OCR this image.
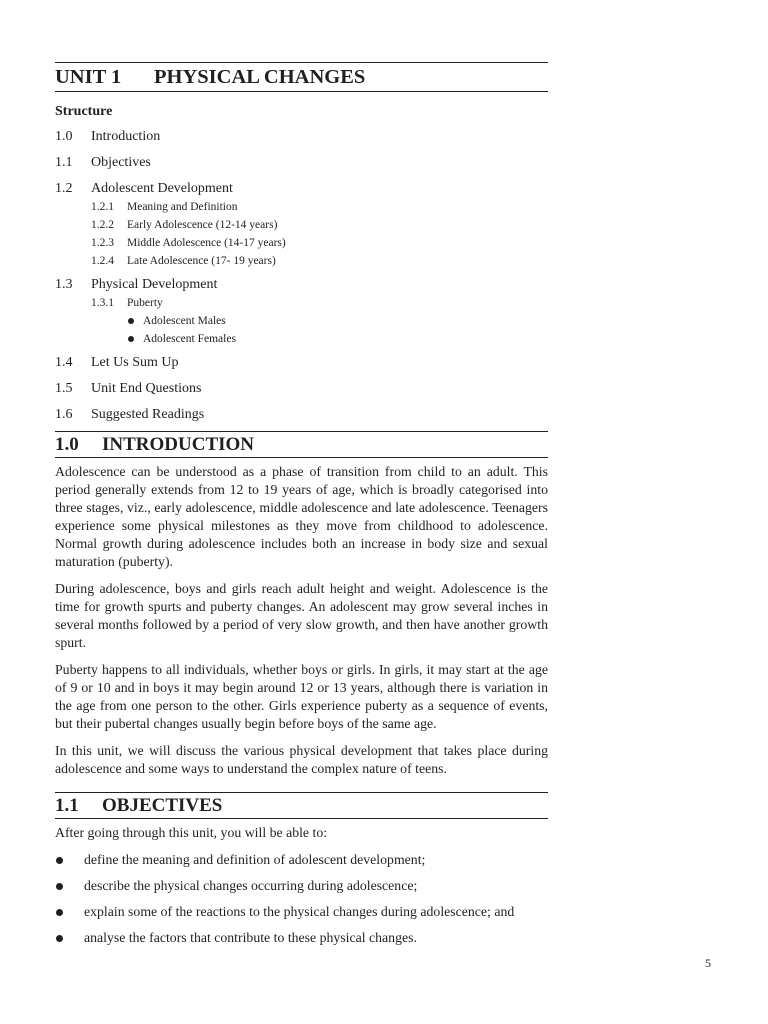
UNIT 1	PHYSICAL CHANGES
Structure
1.0	Introduction
1.1	Objectives
1.2	Adolescent Development
1.2.1	Meaning and Definition
1.2.2	Early Adolescence (12-14 years)
1.2.3	Middle Adolescence (14-17 years)
1.2.4	Late Adolescence (17- 19 years)
1.3	Physical Development
1.3.1	Puberty
Adolescent Males
Adolescent Females
1.4	Let Us Sum Up
1.5	Unit End Questions
1.6	Suggested Readings
1.0	INTRODUCTION

Adolescence can be understood as a phase of transition from child to an adult. This period generally extends from 12 to 19 years of age, which is broadly categorised into three stages, viz., early adolescence, middle adolescence and late adolescence. Teenagers experience some physical milestones as they move from childhood to adolescence. Normal growth during adolescence includes both an increase in body size and sexual maturation (puberty).

During adolescence, boys and girls reach adult height and weight. Adolescence is the time for growth spurts and puberty changes. An adolescent may grow several inches in several months followed by a period of very slow growth, and then have another growth spurt.

Puberty happens to all individuals, whether boys or girls. In girls, it may start at the age of 9 or 10 and in boys it may begin around 12 or 13 years, although there is variation in the age from one person to the other. Girls experience puberty as a sequence of events, but their pubertal changes usually begin before boys of the same age.

In this unit, we will discuss the various physical development that takes place during adolescence and some ways to understand the complex nature of teens.

1.1	OBJECTIVES

After going through this unit, you will be able to:

define the meaning and definition of adolescent development;
describe the physical changes occurring during adolescence;
explain some of the reactions to the physical changes during adolescence; and
analyse the factors that contribute to these physical changes.
5
